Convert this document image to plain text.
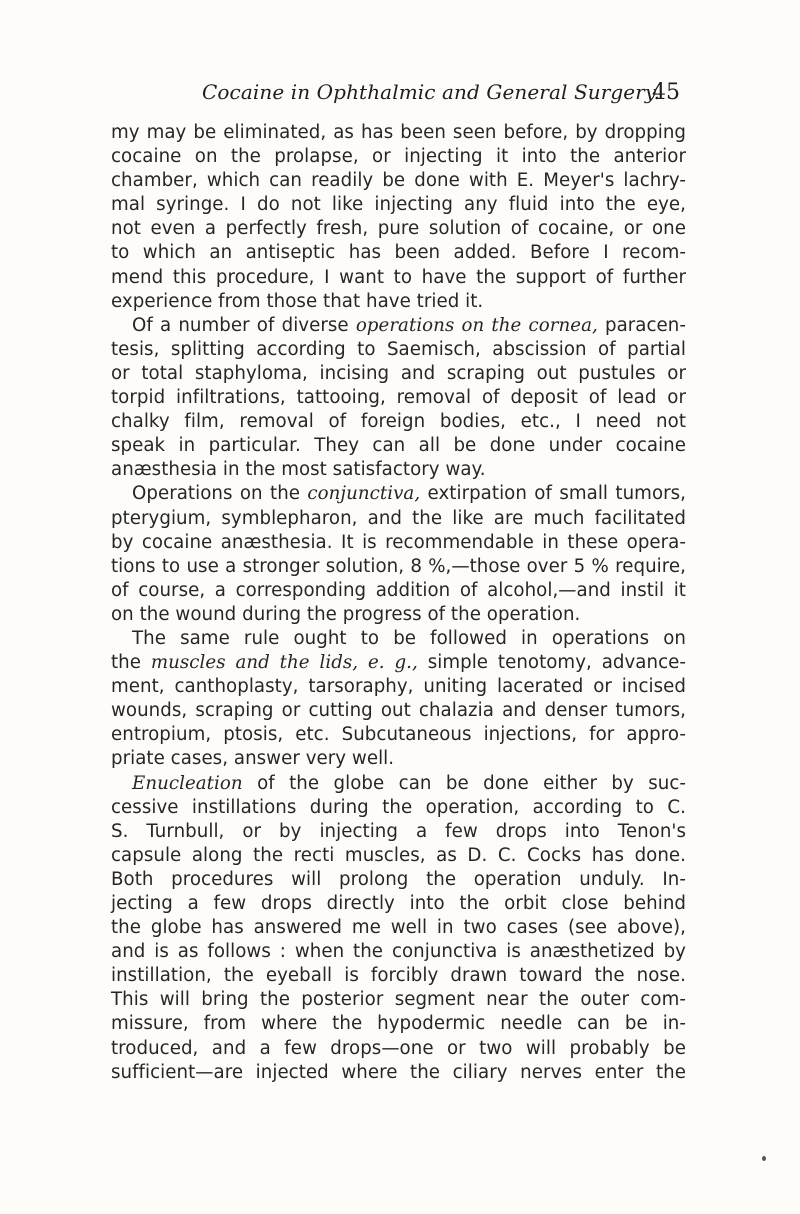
Cocaine in Ophthalmic and General Surgery.
45
my may be eliminated, as has been seen before, by dropping
cocaine on the prolapse, or injecting it into the anterior
chamber, which can readily be done with E. Meyer's lachry-
mal syringe. I do not like injecting any fluid into the eye,
not even a perfectly fresh, pure solution of cocaine, or one
to which an antiseptic has been added. Before I recom-
mend this procedure, I want to have the support of further
experience from those that have tried it.
Of a number of diverse operations on the cornea, paracen-
tesis, splitting according to Saemisch, abscission of partial
or total staphyloma, incising and scraping out pustules or
torpid infiltrations, tattooing, removal of deposit of lead or
chalky film, removal of foreign bodies, etc., I need not
speak in particular. They can all be done under cocaine
anæsthesia in the most satisfactory way.
Operations on the conjunctiva, extirpation of small tumors,
pterygium, symblepharon, and the like are much facilitated
by cocaine anæsthesia. It is recommendable in these opera-
tions to use a stronger solution, 8 %,—those over 5 % require,
of course, a corresponding addition of alcohol,—and instil it
on the wound during the progress of the operation.
The same rule ought to be followed in operations on
the muscles and the lids, e. g., simple tenotomy, advance-
ment, canthoplasty, tarsoraphy, uniting lacerated or incised
wounds, scraping or cutting out chalazia and denser tumors,
entropium, ptosis, etc. Subcutaneous injections, for appro-
priate cases, answer very well.
Enucleation of the globe can be done either by suc-
cessive instillations during the operation, according to C.
S. Turnbull, or by injecting a few drops into Tenon's
capsule along the recti muscles, as D. C. Cocks has done.
Both procedures will prolong the operation unduly. In-
jecting a few drops directly into the orbit close behind
the globe has answered me well in two cases (see above),
and is as follows : when the conjunctiva is anæsthetized by
instillation, the eyeball is forcibly drawn toward the nose.
This will bring the posterior segment near the outer com-
missure, from where the hypodermic needle can be in-
troduced, and a few drops—one or two will probably be
sufficient—are injected where the ciliary nerves enter the
